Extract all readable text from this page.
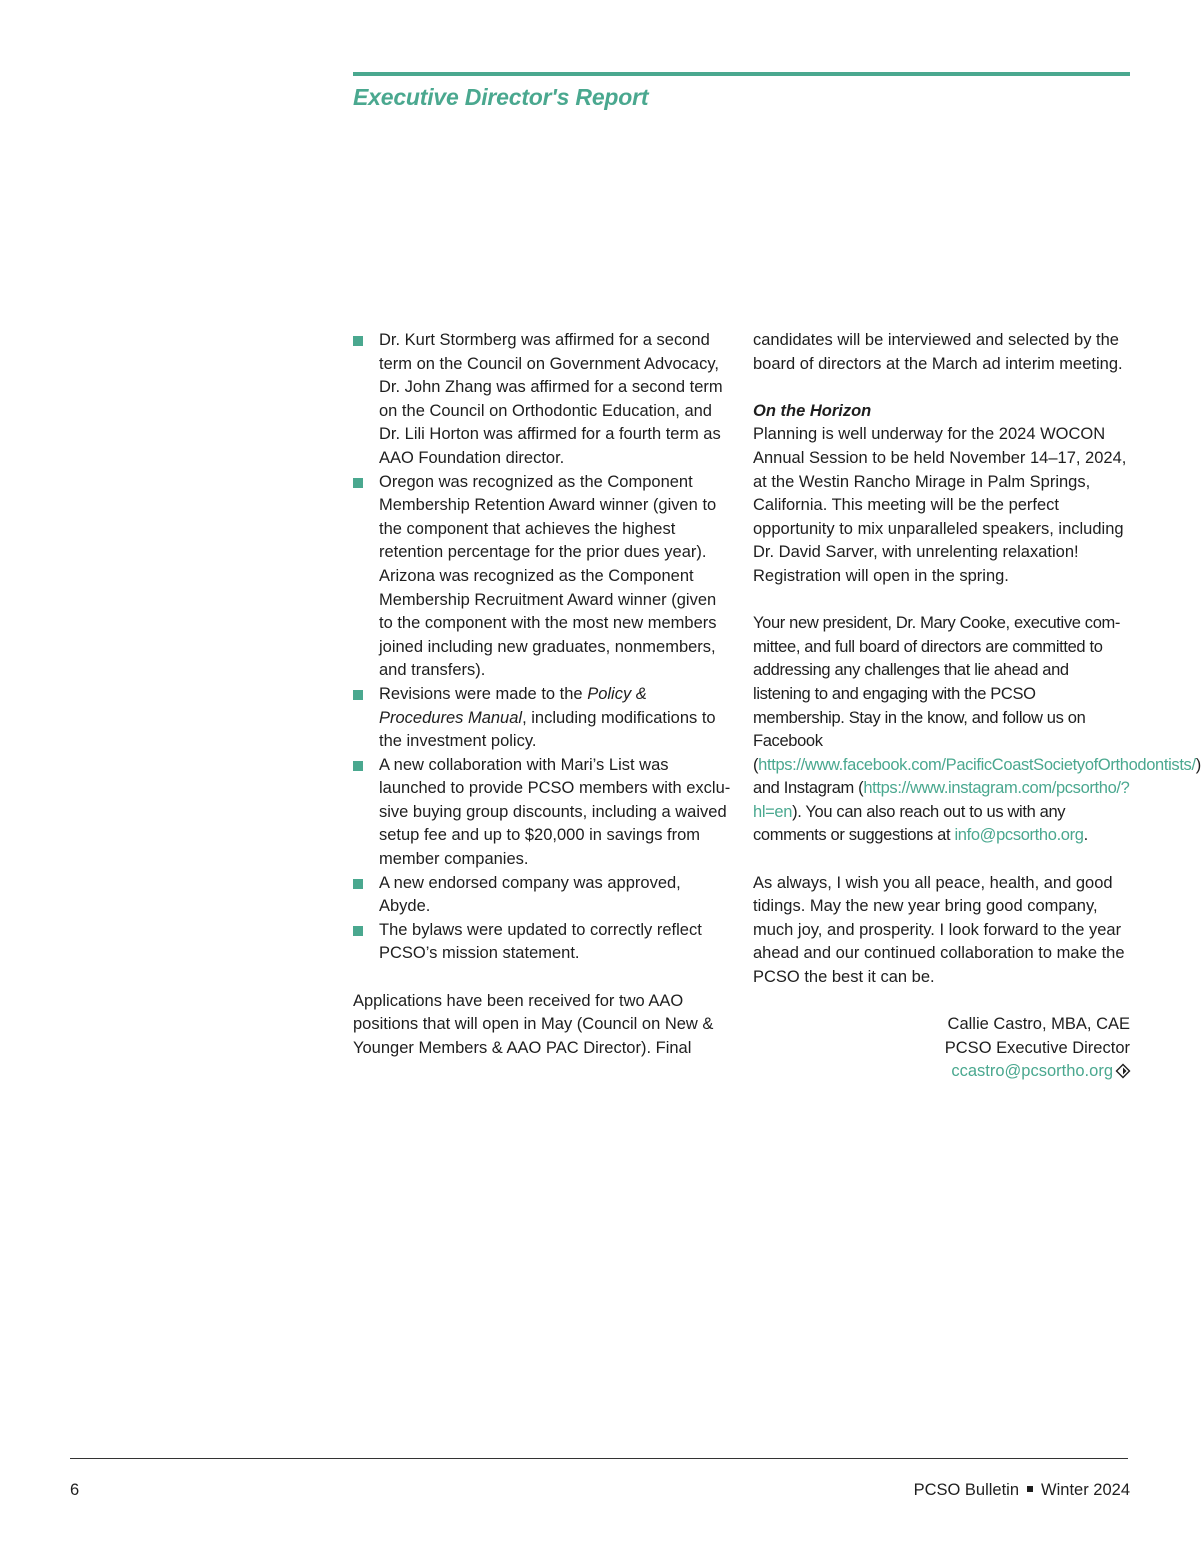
Executive Director's Report
Dr. Kurt Stormberg was affirmed for a second term on the Council on Government Advocacy, Dr. John Zhang was affirmed for a second term on the Council on Orthodontic Education, and Dr. Lili Horton was affirmed for a fourth term as AAO Foundation director.
Oregon was recognized as the Component Membership Retention Award winner (given to the component that achieves the highest retention percentage for the prior dues year). Arizona was recognized as the Component Membership Recruitment Award winner (given to the component with the most new members joined including new graduates, nonmembers, and transfers).
Revisions were made to the Policy & Procedures Manual, including modifications to the investment policy.
A new collaboration with Mari’s List was launched to provide PCSO members with exclu-sive buying group discounts, including a waived setup fee and up to $20,000 in savings from member companies.
A new endorsed company was approved, Abyde.
The bylaws were updated to correctly reflect PCSO’s mission statement.

Applications have been received for two AAO positions that will open in May (Council on New & Younger Members & AAO PAC Director). Final

candidates will be interviewed and selected by the board of directors at the March ad interim meeting.

On the Horizon

Planning is well underway for the 2024 WOCON Annual Session to be held November 14–17, 2024, at the Westin Rancho Mirage in Palm Springs, California. This meeting will be the perfect opportunity to mix unparalleled speakers, including Dr. David Sarver, with unrelenting relaxation! Registration will open in the spring.

Your new president, Dr. Mary Cooke, executive com-mittee, and full board of directors are committed to addressing any challenges that lie ahead and listening to and engaging with the PCSO membership. Stay in the know, and follow us on Facebook (https://www.facebook.com/PacificCoastSocietyofOrthodontists/) and Instagram (https://www.instagram.com/pcsortho/?hl=en). You can also reach out to us with any comments or suggestions at info@pcsortho.org.

As always, I wish you all peace, health, and good tidings. May the new year bring good company, much joy, and prosperity. I look forward to the year ahead and our continued collaboration to make the PCSO the best it can be.

Callie Castro, MBA, CAE
PCSO Executive Director
ccastro@pcsortho.org
6	PCSO Bulletin Winter 2024
